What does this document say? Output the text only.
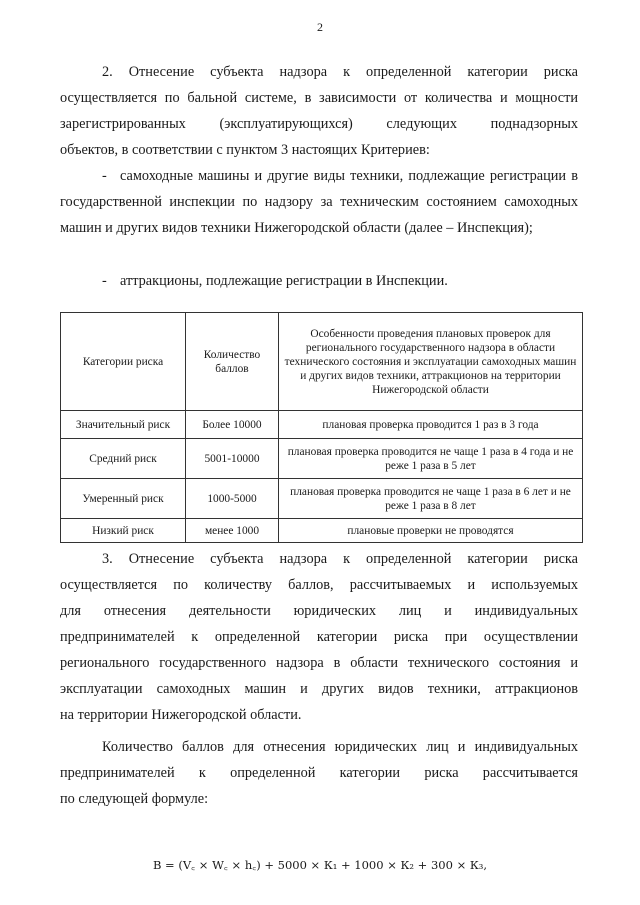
2
2. Отнесение субъекта надзора к определенной категории риска
осуществляется по бальной системе, в зависимости от количества и мощности
зарегистрированных (эксплуатирующихся) следующих поднадзорных
объектов, в соответствии с пунктом 3 настоящих Критериев:
- самоходные машины и другие виды техники, подлежащие регистрации в государственной инспекции по надзору за техническим состоянием самоходных машин и других видов техники Нижегородской области (далее – Инспекция);
- аттракционы, подлежащие регистрации в Инспекции.
Категории риска	Количество баллов	Особенности проведения плановых проверок для регионального государственного надзора в области технического состояния и эксплуатации самоходных машин и других видов техники, аттракционов на территории Нижегородской области
Значительный риск	Более 10000	плановая проверка проводится 1 раз в 3 года
Средний риск	5001-10000	плановая проверка проводится не чаще 1 раза в 4 года и не реже 1 раза в 5 лет
Умеренный риск	1000-5000	плановая проверка проводится не чаще 1 раза в 6 лет и не реже 1 раза в 8 лет
Низкий риск	менее 1000	плановые проверки не проводятся
3. Отнесение субъекта надзора к определенной категории риска
осуществляется по количеству баллов, рассчитываемых и используемых
для отнесения деятельности юридических лиц и индивидуальных
предпринимателей к определенной категории риска при осуществлении
регионального государственного надзора в области технического состояния и
эксплуатации самоходных машин и других видов техники, аттракционов
на территории Нижегородской области.
Количество баллов для отнесения юридических лиц и индивидуальных
предпринимателей к определенной категории риска рассчитывается
по следующей формуле:
В = (V꜀ × W꜀ × h꜀) + 5000 × К₁ + 1000 × К₂ + 300 × К₃,
